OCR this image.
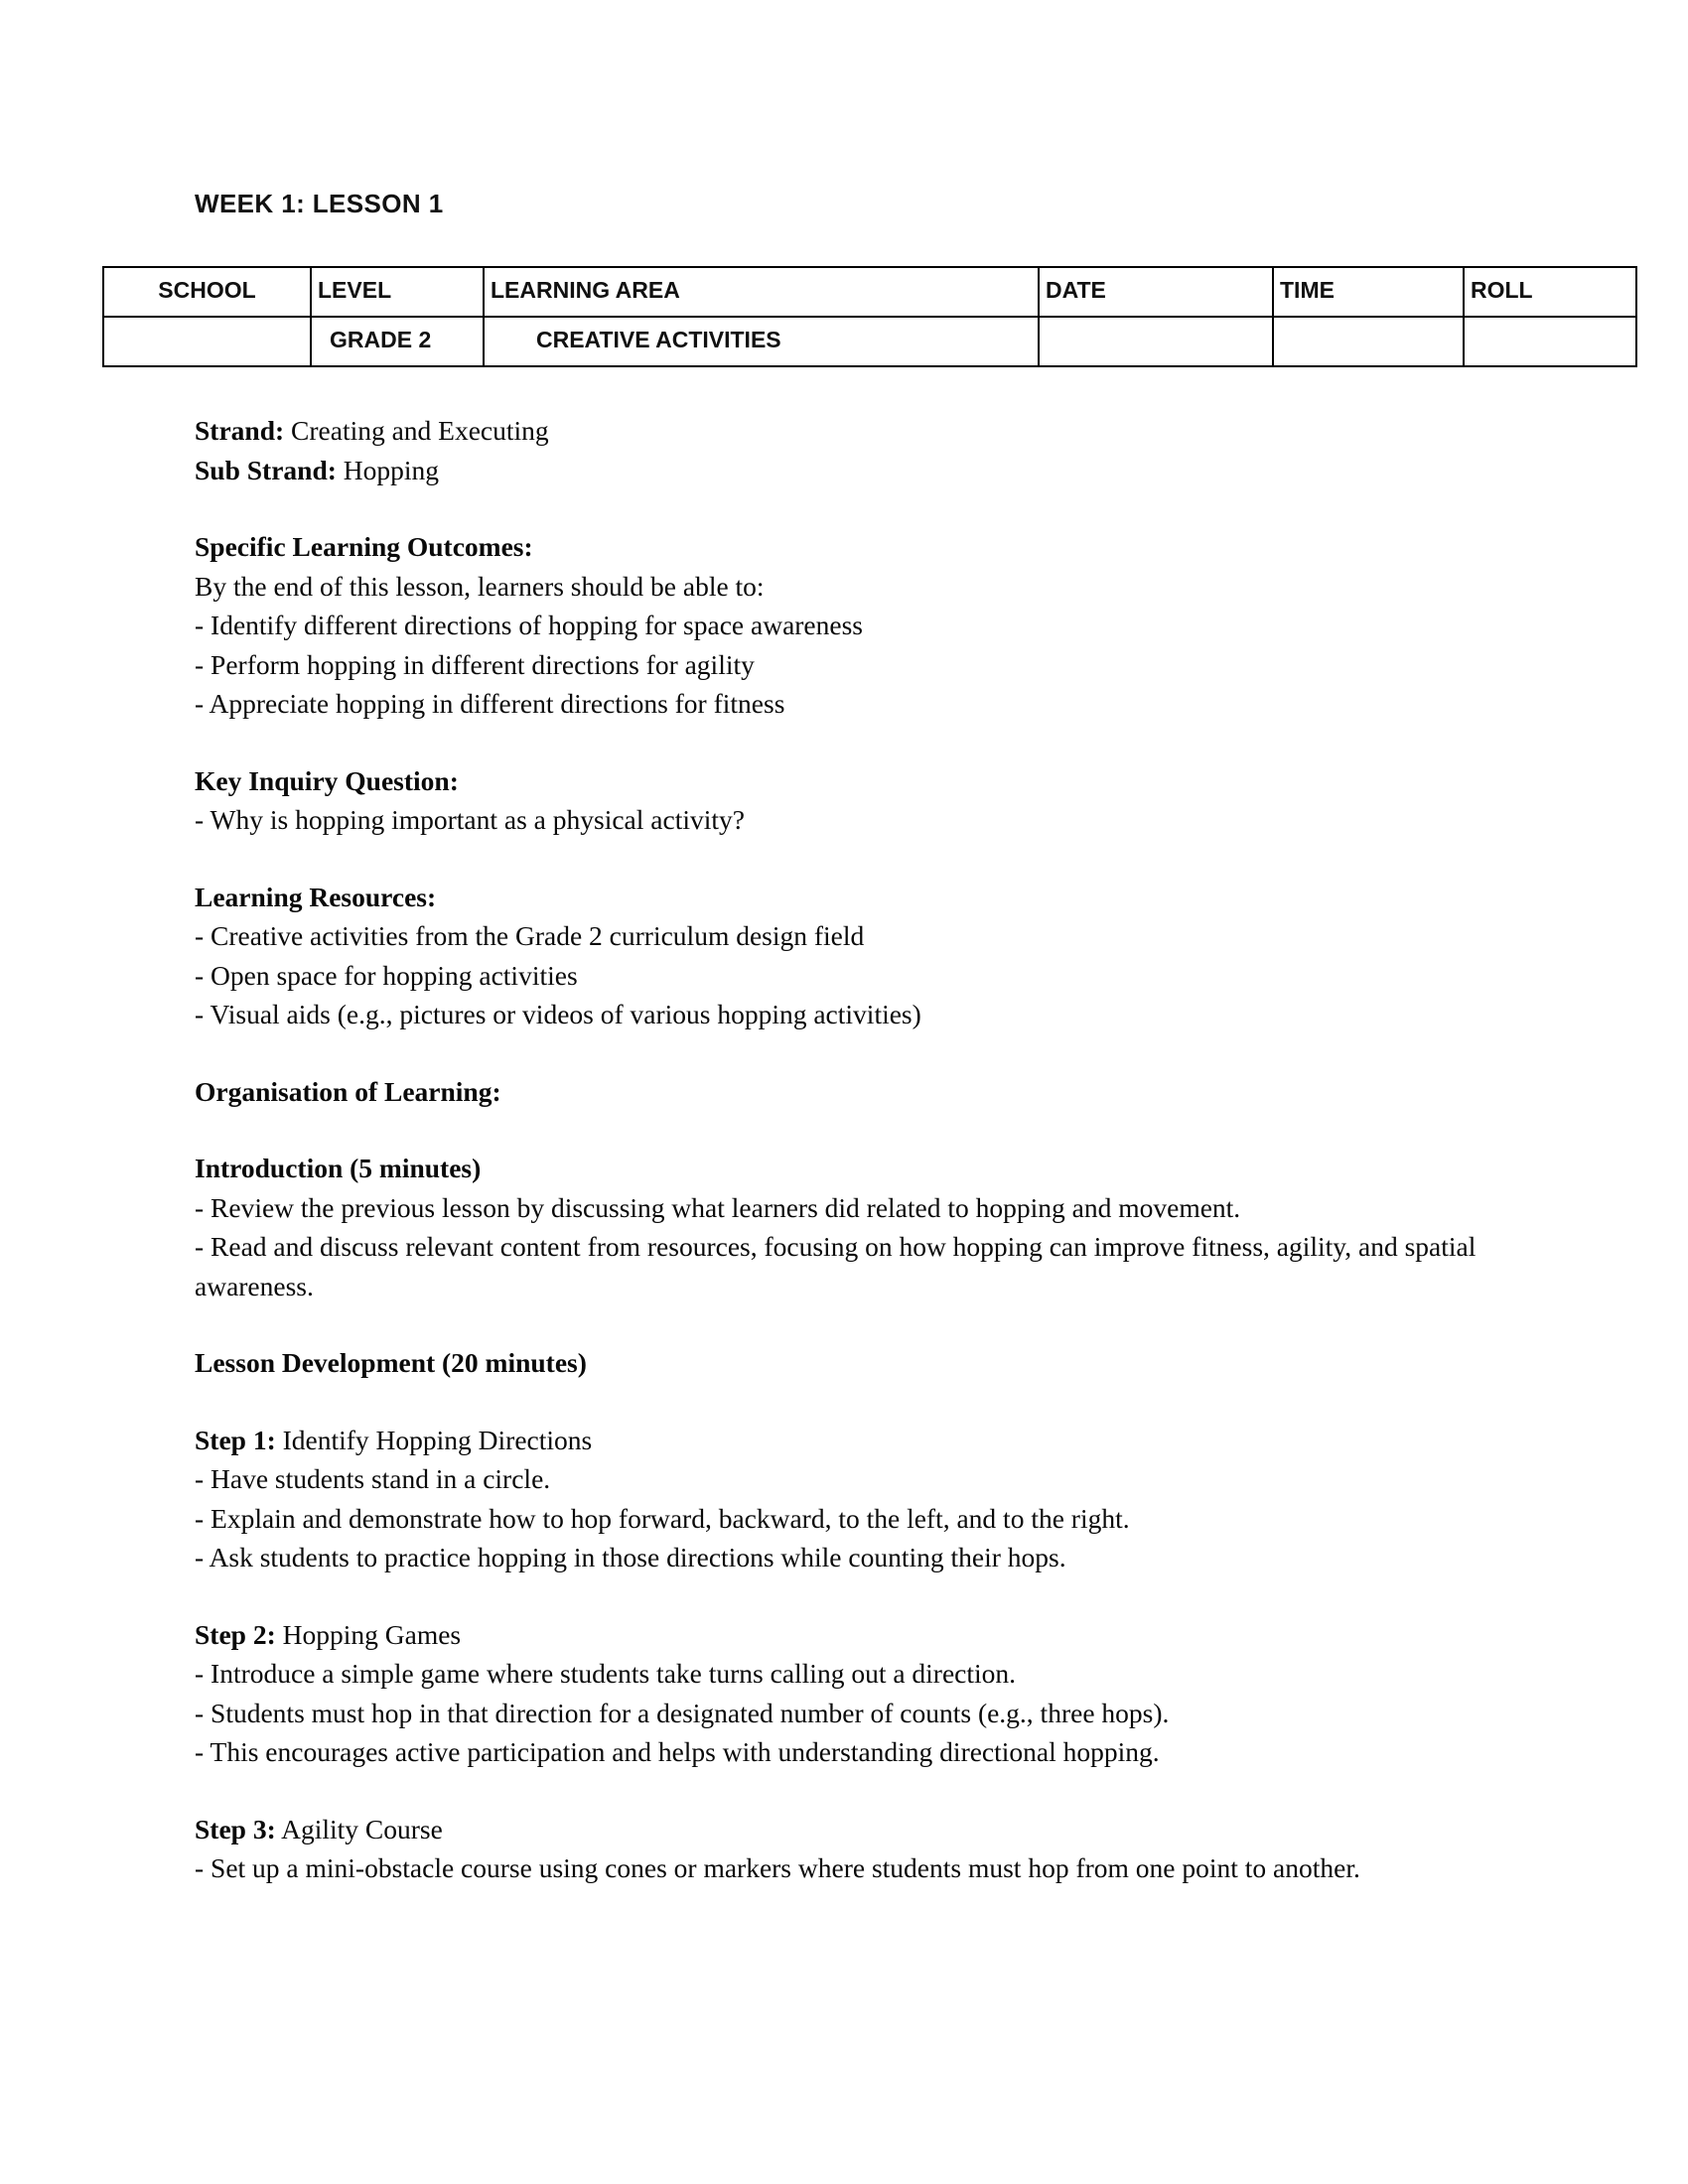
WEEK 1: LESSON 1
SCHOOL	LEVEL	LEARNING AREA	DATE	TIME	ROLL
	GRADE 2	CREATIVE ACTIVITIES			
Strand: Creating and Executing
Sub Strand: Hopping
Specific Learning Outcomes:
By the end of this lesson, learners should be able to:
- Identify different directions of hopping for space awareness
- Perform hopping in different directions for agility
- Appreciate hopping in different directions for fitness
Key Inquiry Question:
- Why is hopping important as a physical activity?
Learning Resources:
- Creative activities from the Grade 2 curriculum design field
- Open space for hopping activities
- Visual aids (e.g., pictures or videos of various hopping activities)
Organisation of Learning:
Introduction (5 minutes)
- Review the previous lesson by discussing what learners did related to hopping and movement.
- Read and discuss relevant content from resources, focusing on how hopping can improve fitness, agility, and spatial awareness.
Lesson Development (20 minutes)
Step 1: Identify Hopping Directions
- Have students stand in a circle.
- Explain and demonstrate how to hop forward, backward, to the left, and to the right.
- Ask students to practice hopping in those directions while counting their hops.
Step 2: Hopping Games
- Introduce a simple game where students take turns calling out a direction.
- Students must hop in that direction for a designated number of counts (e.g., three hops).
- This encourages active participation and helps with understanding directional hopping.
Step 3: Agility Course
- Set up a mini-obstacle course using cones or markers where students must hop from one point to another.
